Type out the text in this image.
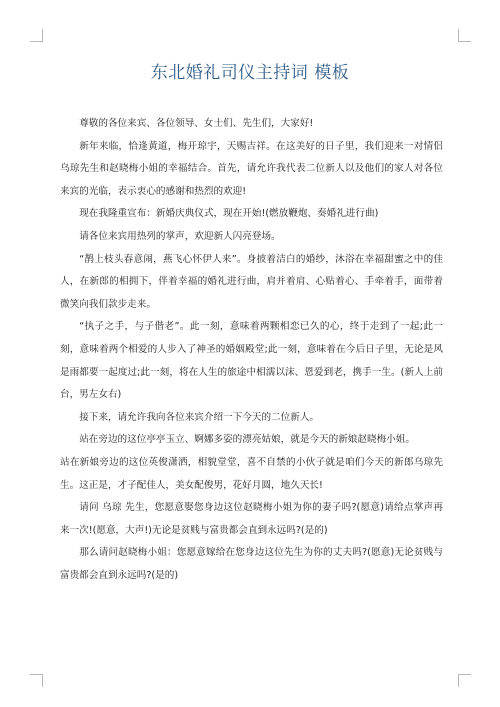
东北婚礼司仪主持词 模板

尊敬的各位来宾、各位领导、女士们、先生们，大家好!

新年来临，恰逢黄道，梅开琼宇，天赐吉祥。在这美好的日子里，我们迎来一对情侣乌琼先生和赵晓梅小姐的幸福结合。首先，请允许我代表二位新人以及他们的家人对各位来宾的光临，表示衷心的感谢和热烈的欢迎!

现在我隆重宣布：新婚庆典仪式，现在开始!(燃放鞭炮、奏婚礼进行曲)

请各位来宾用热列的掌声，欢迎新人闪亮登场。

“鹊上枝头春意闹，燕飞心怀伊人来”。身披着洁白的婚纱，沐浴在幸福甜蜜之中的佳人，在新郎的相拥下，伴着幸福的婚礼进行曲，肩并着肩、心贴着心、手牵着手，面带着微笑向我们款步走来。

“执子之手，与子偕老”。此一刻，意味着两颗相恋已久的心，终于走到了一起;此一刻，意味着两个相爱的人步入了神圣的婚姻殿堂;此一刻，意味着在今后日子里，无论是风是雨都要一起度过;此一刻，将在人生的旅途中相濡以沫、恩爱到老，携手一生。(新人上前台，男左女右)

接下来，请允许我向各位来宾介绍一下今天的二位新人。

站在旁边的这位亭亭玉立、婀娜多姿的漂亮姑娘，就是今天的新娘赵晓梅小姐。

站在新娘旁边的这位英俊潇洒，相貌堂堂，喜不自禁的小伙子就是咱们今天的新郎乌琼先生。这正是，才子配佳人，美女配俊男，花好月圆，地久天长!

请问 乌琼 先生，您愿意娶您身边这位赵晓梅小姐为你的妻子吗?(愿意)请给点掌声再来一次!(愿意，大声!)无论是贫贱与富贵都会直到永远吗?(是的)

那么请问赵晓梅小姐：您愿意嫁给在您身边这位先生为你的丈夫吗?(愿意)无论贫贱与富贵都会直到永远吗?(是的)
